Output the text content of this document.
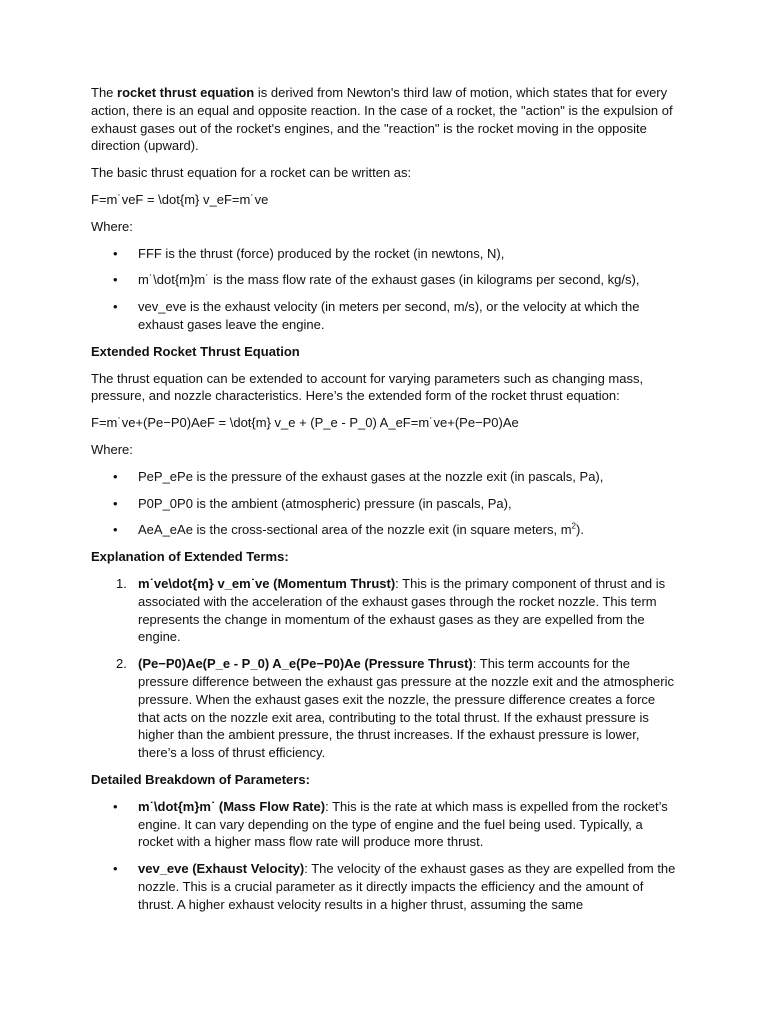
The rocket thrust equation is derived from Newton's third law of motion, which states that for every action, there is an equal and opposite reaction. In the case of a rocket, the "action" is the expulsion of exhaust gases out of the rocket's engines, and the "reaction" is the rocket moving in the opposite direction (upward).

The basic thrust equation for a rocket can be written as:

F=m˙veF = \dot{m} v_eF=m˙ve

Where:

• FFF is the thrust (force) produced by the rocket (in newtons, N),
• m˙\dot{m}m˙ is the mass flow rate of the exhaust gases (in kilograms per second, kg/s),
• vev_eve is the exhaust velocity (in meters per second, m/s), or the velocity at which the exhaust gases leave the engine.

Extended Rocket Thrust Equation

The thrust equation can be extended to account for varying parameters such as changing mass, pressure, and nozzle characteristics. Here’s the extended form of the rocket thrust equation:

F=m˙ve+(Pe−P0)AeF = \dot{m} v_e + (P_e - P_0) A_eF=m˙ve+(Pe−P0)Ae

Where:

• PeP_ePe is the pressure of the exhaust gases at the nozzle exit (in pascals, Pa),
• P0P_0P0 is the ambient (atmospheric) pressure (in pascals, Pa),
• AeA_eAe is the cross-sectional area of the nozzle exit (in square meters, $m^2$).

Explanation of Extended Terms:

1. m˙ve\dot{m} v_em˙ve (Momentum Thrust): This is the primary component of thrust and is associated with the acceleration of the exhaust gases through the rocket nozzle. This term represents the change in momentum of the exhaust gases as they are expelled from the engine.
2. (Pe−P0)Ae(P_e - P_0) A_e(Pe−P0)Ae (Pressure Thrust): This term accounts for the pressure difference between the exhaust gas pressure at the nozzle exit and the atmospheric pressure. When the exhaust gases exit the nozzle, the pressure difference creates a force that acts on the nozzle exit area, contributing to the total thrust. If the exhaust pressure is higher than the ambient pressure, the thrust increases. If the exhaust pressure is lower, there’s a loss of thrust efficiency.

Detailed Breakdown of Parameters:

• m˙\dot{m}m˙ (Mass Flow Rate): This is the rate at which mass is expelled from the rocket’s engine. It can vary depending on the type of engine and the fuel being used. Typically, a rocket with a higher mass flow rate will produce more thrust.
• vev_eve (Exhaust Velocity): The velocity of the exhaust gases as they are expelled from the nozzle. This is a crucial parameter as it directly impacts the efficiency and the amount of thrust. A higher exhaust velocity results in a higher thrust, assuming the same
